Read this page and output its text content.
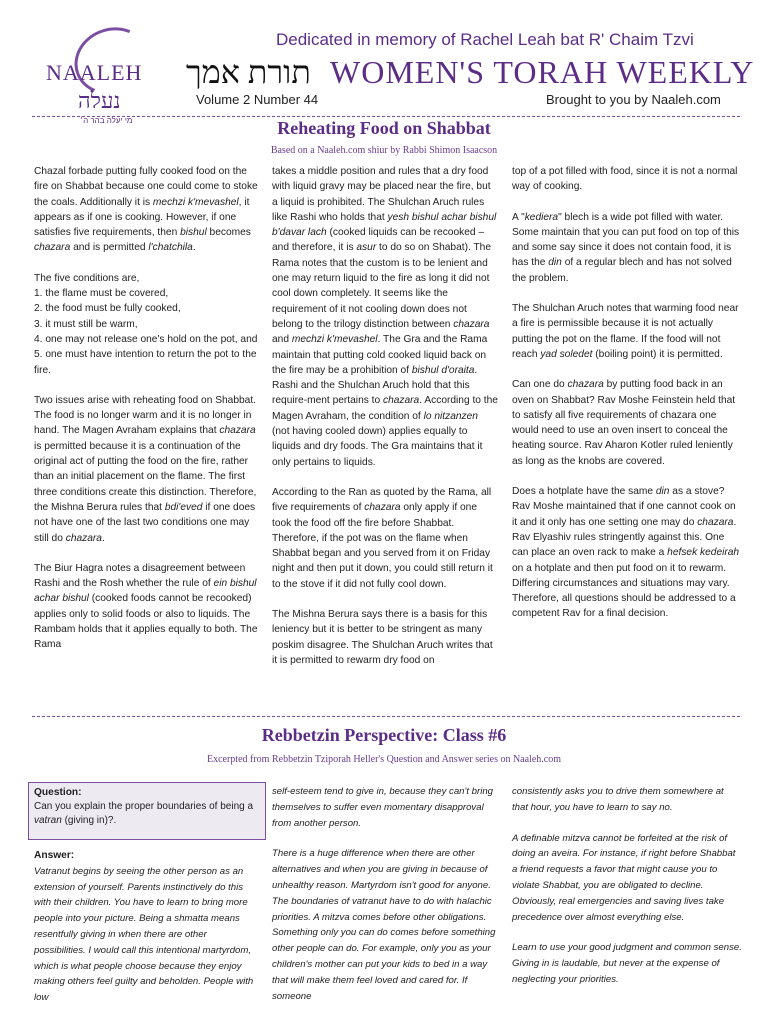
NAALEH
נעלה
מי יעלה בהר ה׳
Dedicated in memory of Rachel Leah bat R' Chaim Tzvi
תורת אמך WOMEN'S TORAH WEEKLY
Volume 2 Number 44	Brought to you by Naaleh.com
Reheating Food on Shabbat
Based on a Naaleh.com shiur by Rabbi Shimon Isaacson

Chazal forbade putting fully cooked food on the fire on Shabbat because one could come to stoke the coals. Additionally it is mechzi k'mevashel, it appears as if one is cooking. However, if one satisfies five requirements, then bishul becomes chazara and is permitted l'chatchila.

The five conditions are,
1. the flame must be covered,
2. the food must be fully cooked,
3. it must still be warm,
4. one may not release one's hold on the pot, and
5. one must have intention to return the pot to the fire.

Two issues arise with reheating food on Shabbat. The food is no longer warm and it is no longer in hand. The Magen Avraham explains that chazara is permitted because it is a continuation of the original act of putting the food on the fire, rather than an initial placement on the flame. The first three conditions create this distinction. Therefore, the Mishna Berura rules that bdi'eved if one does not have one of the last two conditions one may still do chazara.

The Biur Hagra notes a disagreement between Rashi and the Rosh whether the rule of ein bishul achar bishul (cooked foods cannot be recooked) applies only to solid foods or also to liquids. The Rambam holds that it applies equally to both. The Rama

takes a middle position and rules that a dry food with liquid gravy may be placed near the fire, but a liquid is prohibited. The Shulchan Aruch rules like Rashi who holds that yesh bishul achar bishul b'davar lach (cooked liquids can be recooked – and therefore, it is asur to do so on Shabat). The Rama notes that the custom is to be lenient and one may return liquid to the fire as long it did not cool down completely. It seems like the requirement of it not cooling down does not belong to the trilogy distinction between chazara and mechzi k'mevashel. The Gra and the Rama maintain that putting cold cooked liquid back on the fire may be a prohibition of bishul d'oraita. Rashi and the Shulchan Aruch hold that this require-ment pertains to chazara. According to the Magen Avraham, the condition of lo nitzanzen (not having cooled down) applies equally to liquids and dry foods. The Gra maintains that it only pertains to liquids.

According to the Ran as quoted by the Rama, all five requirements of chazara only apply if one took the food off the fire before Shabbat. Therefore, if the pot was on the flame when Shabbat began and you served from it on Friday night and then put it down, you could still return it to the stove if it did not fully cool down.

The Mishna Berura says there is a basis for this leniency but it is better to be stringent as many poskim disagree. The Shulchan Aruch writes that it is permitted to rewarm dry food on

top of a pot filled with food, since it is not a normal way of cooking.

A "kediera" blech is a wide pot filled with water. Some maintain that you can put food on top of this and some say since it does not contain food, it is has the din of a regular blech and has not solved the problem.

The Shulchan Aruch notes that warming food near a fire is permissible because it is not actually putting the pot on the flame. If the food will not reach yad soledet (boiling point) it is permitted.

Can one do chazara by putting food back in an oven on Shabbat? Rav Moshe Feinstein held that to satisfy all five requirements of chazara one would need to use an oven insert to conceal the heating source. Rav Aharon Kotler ruled leniently as long as the knobs are covered.

Does a hotplate have the same din as a stove? Rav Moshe maintained that if one cannot cook on it and it only has one setting one may do chazara. Rav Elyashiv rules stringently against this. One can place an oven rack to make a hefsek kedeirah on a hotplate and then put food on it to rewarm. Differing circumstances and situations may vary. Therefore, all questions should be addressed to a competent Rav for a final decision.

Rebbetzin Perspective: Class #6
Excerpted from Rebbetzin Tziporah Heller's Question and Answer series on Naaleh.com
Question:
Can you explain the proper boundaries of being a vatran (giving in)?.
Answer:
Vatranut begins by seeing the other person as an extension of yourself. Parents instinctively do this with their children. You have to learn to bring more people into your picture. Being a shmatta means resentfully giving in when there are other possibilities. I would call this intentional martyrdom, which is what people choose because they enjoy making others feel guilty and beholden. People with low

self-esteem tend to give in, because they can't bring themselves to suffer even momentary disapproval from another person.

There is a huge difference when there are other alternatives and when you are giving in because of unhealthy reason. Martyrdom isn't good for anyone. The boundaries of vatranut have to do with halachic priorities. A mitzva comes before other obligations. Something only you can do comes before something other people can do. For example, only you as your children's mother can put your kids to bed in a way that will make them feel loved and cared for. If someone

consistently asks you to drive them somewhere at that hour, you have to learn to say no.

A definable mitzva cannot be forfeited at the risk of doing an aveira. For instance, if right before Shabbat a friend requests a favor that might cause you to violate Shabbat, you are obligated to decline. Obviously, real emergencies and saving lives take precedence over almost everything else.

Learn to use your good judgment and common sense. Giving in is laudable, but never at the expense of neglecting your priorities.
